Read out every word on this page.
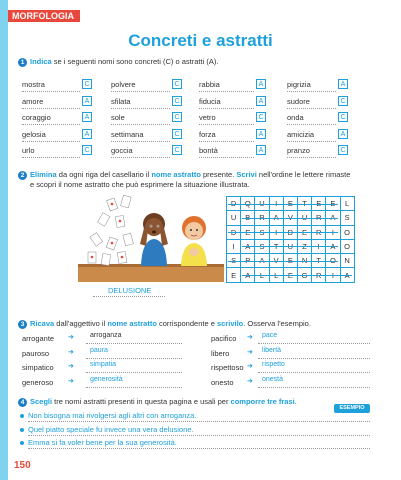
MORFOLOGIA
Concreti e astratti
1 Indica se i seguenti nomi sono concreti (C) o astratti (A).
mostra	C	polvere	C	rabbia	A	pigrizia	A
amore	A	sfilata	C	fiducia	A	sudore	C
coraggio	A	sole	C	vetro	C	onda	C
gelosia	A	settimana	C	forza	A	amicizia	A
urlo	C	goccia	C	bontà	A	pranzo	C
2 Elimina da ogni riga del casellario il nome astratto presente. Scrivi nell'ordine le lettere rimaste
e scopri il nome astratto che può esprimere la situazione illustrata.
D	Q	U	I	E	T	E	E	L
U	B	R	A	V	U	R	A	S
D	E	S	I	D	E	R	I	O
I	A	S	T	U	Z	I	A	O
S	P	A	V	E	N	T	O	N
E	A	L	L	E	G	R	I	A
DELUSIONE
3 Ricava dall'aggettivo il nome astratto corrispondente e scrivilo. Osserva l'esempio.
arrogante ➜ arroganza
pauroso	➜ paura
simpatico ➜ simpatia
generoso ➜ generosità
pacifico ➜ pace
libero	➜ libertà
rispettoso ➜ rispetto
onesto ➜ onestà
4 Scegli tre nomi astratti presenti in questa pagina e usali per comporre tre frasi.
ESEMPIO
Non bisogna mai rivolgersi agli altri con arroganza.
Quel piatto speciale fu invece una vera delusione.
Emma si fa voler bene per la sua generosità.
150
